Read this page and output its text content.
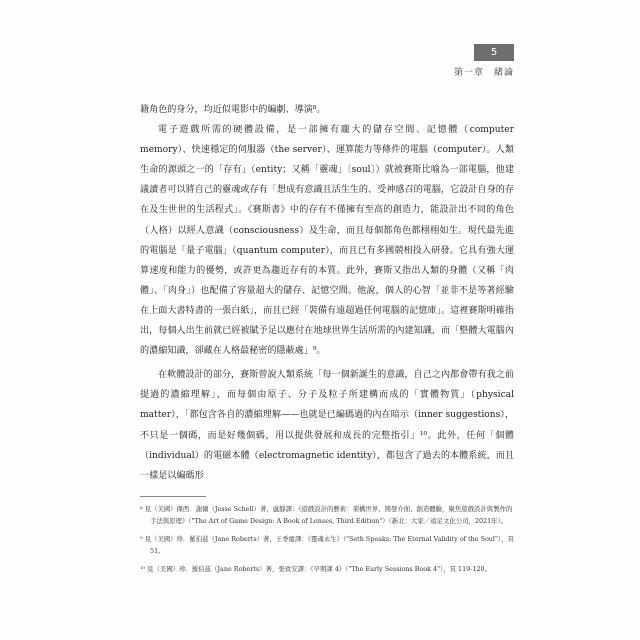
5
第一章 緒論

籍角色的身分，均近似電影中的編劇、導演⁸。

電子遊戲所需的硬體設備，是一部擁有龐大的儲存空間、記憶體（computer memory）、快速穩定的伺服器（the server）、運算能力等條件的電腦（computer）。人類生命的源頭之一的「存有」（entity；又稱「靈魂」〔soul〕）就被賽斯比喻為一部電腦，他建議讀者可以將自己的靈魂或存有「想成有意識且活生生的、受神感召的電腦，它設計自身的存在及生世世的生活程式」。《賽斯書》中的存有不僅擁有至高的創造力，能設計出不同的角色（人格）以經人意識（consciousness）及生命，而且每個都角色都栩栩如生。現代最先進的電腦是「量子電腦」（quantum computer），而且已有多國競相投入研發。它具有強大運算速度和能力的優勢，或許更為趨近存有的本質。此外，賽斯又指出人類的身體（又稱「肉體」、「肉身」）也配備了容量超大的儲存、記憶空間。他說，個人的心智「並非不是等著經驗在上面大書特書的一張白紙」，而且已經「裝備有遠超過任何電腦的記憶庫」。這裡賽斯明確指出，每個人出生前就已經被賦予足以應付在地球世界生活所需的內建知識，而「整體大電腦內的濃縮知識，卻藏在人格最秘密的隱蔽處」⁹。

在軟體設計的部分，賽斯曾說人類系統「每一個新誕生的意識，自己之內都會帶有我之前提過的濃縮理解」，而每個由原子、分子及粒子所建構而成的「實體物質」（physical matter），「都包含各自的濃縮理解——也就是已編碼過的內在暗示（inner suggestions），不只是一個碼，而是好幾個碼，用以提供發展和成長的完整指引」¹⁰。此外，任何「個體（individual）的電磁本體（electromagnetic identity），都包含了過去的本體系統，而且一樣是以編碼形

⁸ 見（美國）傑西．謝爾（Jesse Schell）著，盧靜譯：《遊戲設計的藝術：架構世界、開發介面、創造體驗，聚焦遊戲設計與製作的手法與原理》（"The Art of Game Design: A Book of Lenses, Third Edition"）（新北：大家／遠足文化公司，2021年）。

⁹ 見（美國）珍．羅伯茲（Jane Roberts）著，王季慶譯：《靈魂永生》（"Seth Speaks: The Eternal Validity of the Soul"），頁 51。

¹⁰ 見（美國）珍．羅伯茲（Jane Roberts）著，張致安譯：《早期課 4》（"The Early Sessions Book 4"），頁 119-120。
